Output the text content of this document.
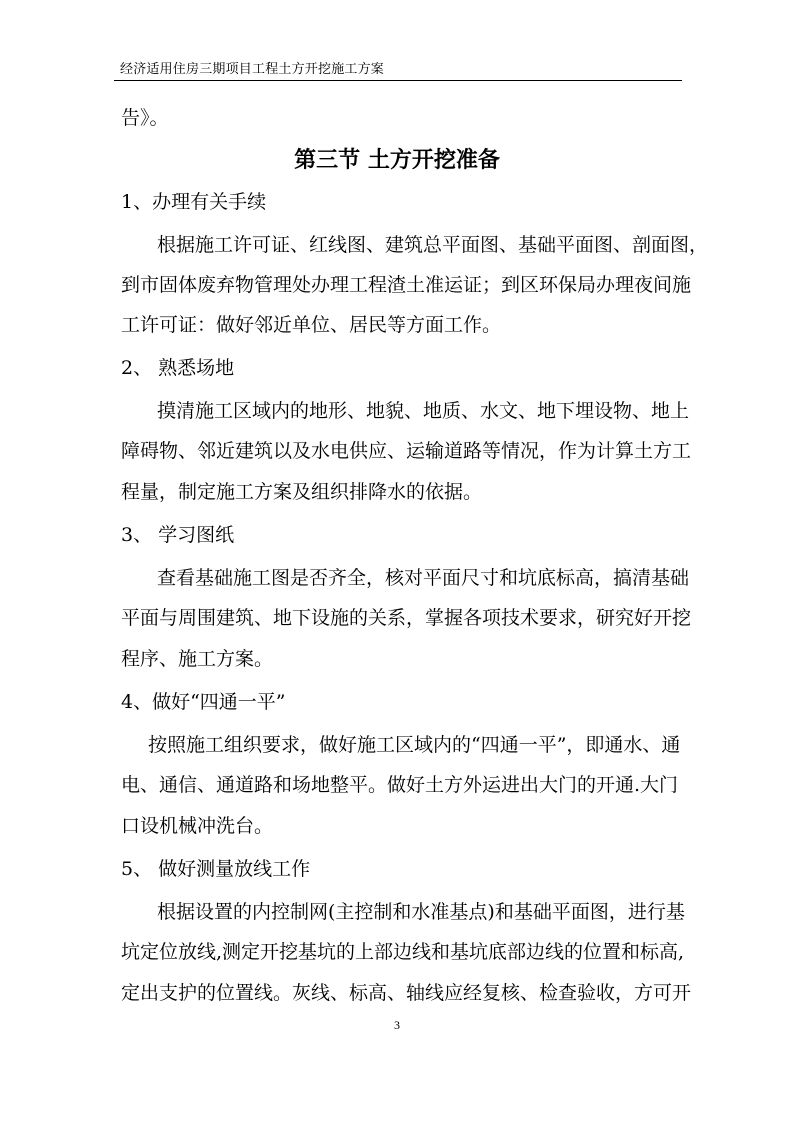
经济适用住房三期项目工程土方开挖施工方案
告》。
第三节 土方开挖准备
1、办理有关手续
根据施工许可证、红线图、建筑总平面图、基础平面图、剖面图，
到市固体废弃物管理处办理工程渣土准运证；到区环保局办理夜间施
工许可证：做好邻近单位、居民等方面工作。
2、 熟悉场地
摸清施工区域内的地形、地貌、地质、水文、地下埋设物、地上
障碍物、邻近建筑以及水电供应、运输道路等情况，作为计算土方工
程量，制定施工方案及组织排降水的依据。
3、 学习图纸
查看基础施工图是否齐全，核对平面尺寸和坑底标高，搞清基础
平面与周围建筑、地下设施的关系，掌握各项技术要求，研究好开挖
程序、施工方案。
4、做好“四通一平”
按照施工组织要求，做好施工区域内的“四通一平”，即通水、通
电、通信、通道路和场地整平。做好土方外运进出大门的开通.大门
口设机械冲洗台。
5、 做好测量放线工作
根据设置的内控制网(主控制和水准基点)和基础平面图，进行基
坑定位放线,测定开挖基坑的上部边线和基坑底部边线的位置和标高,
定出支护的位置线。灰线、标高、轴线应经复核、检查验收，方可开
3
